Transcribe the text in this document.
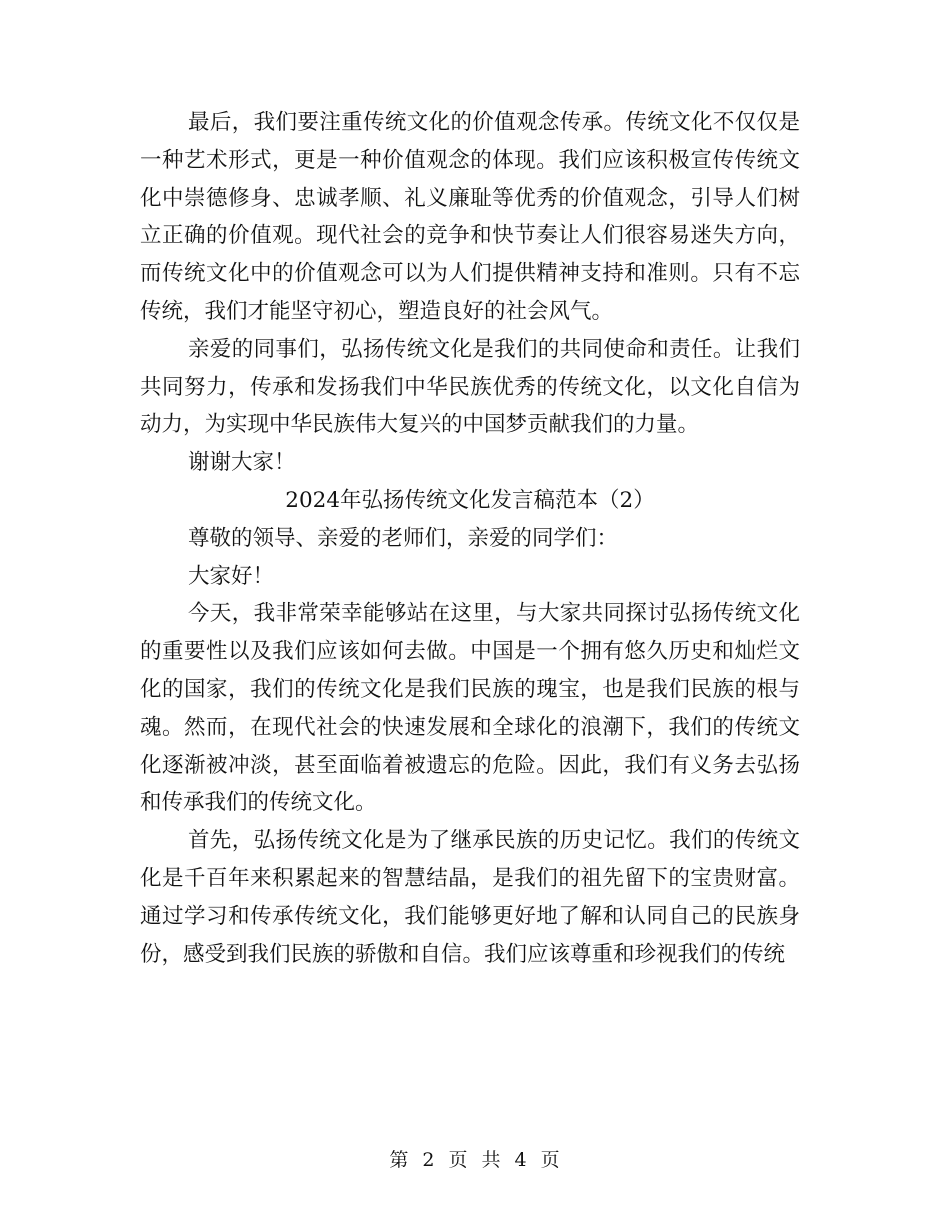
最后，我们要注重传统文化的价值观念传承。传统文化不仅仅是一种艺术形式，更是一种价值观念的体现。我们应该积极宣传传统文化中崇德修身、忠诚孝顺、礼义廉耻等优秀的价值观念，引导人们树立正确的价值观。现代社会的竞争和快节奏让人们很容易迷失方向，而传统文化中的价值观念可以为人们提供精神支持和准则。只有不忘传统，我们才能坚守初心，塑造良好的社会风气。

亲爱的同事们，弘扬传统文化是我们的共同使命和责任。让我们共同努力，传承和发扬我们中华民族优秀的传统文化，以文化自信为动力，为实现中华民族伟大复兴的中国梦贡献我们的力量。

谢谢大家！

2024年弘扬传统文化发言稿范本（2）

尊敬的领导、亲爱的老师们，亲爱的同学们：

大家好！

今天，我非常荣幸能够站在这里，与大家共同探讨弘扬传统文化的重要性以及我们应该如何去做。中国是一个拥有悠久历史和灿烂文化的国家，我们的传统文化是我们民族的瑰宝，也是我们民族的根与魂。然而，在现代社会的快速发展和全球化的浪潮下，我们的传统文化逐渐被冲淡，甚至面临着被遗忘的危险。因此，我们有义务去弘扬和传承我们的传统文化。

首先，弘扬传统文化是为了继承民族的历史记忆。我们的传统文化是千百年来积累起来的智慧结晶，是我们的祖先留下的宝贵财富。通过学习和传承传统文化，我们能够更好地了解和认同自己的民族身份，感受到我们民族的骄傲和自信。我们应该尊重和珍视我们的传统

第 2 页 共 4 页
